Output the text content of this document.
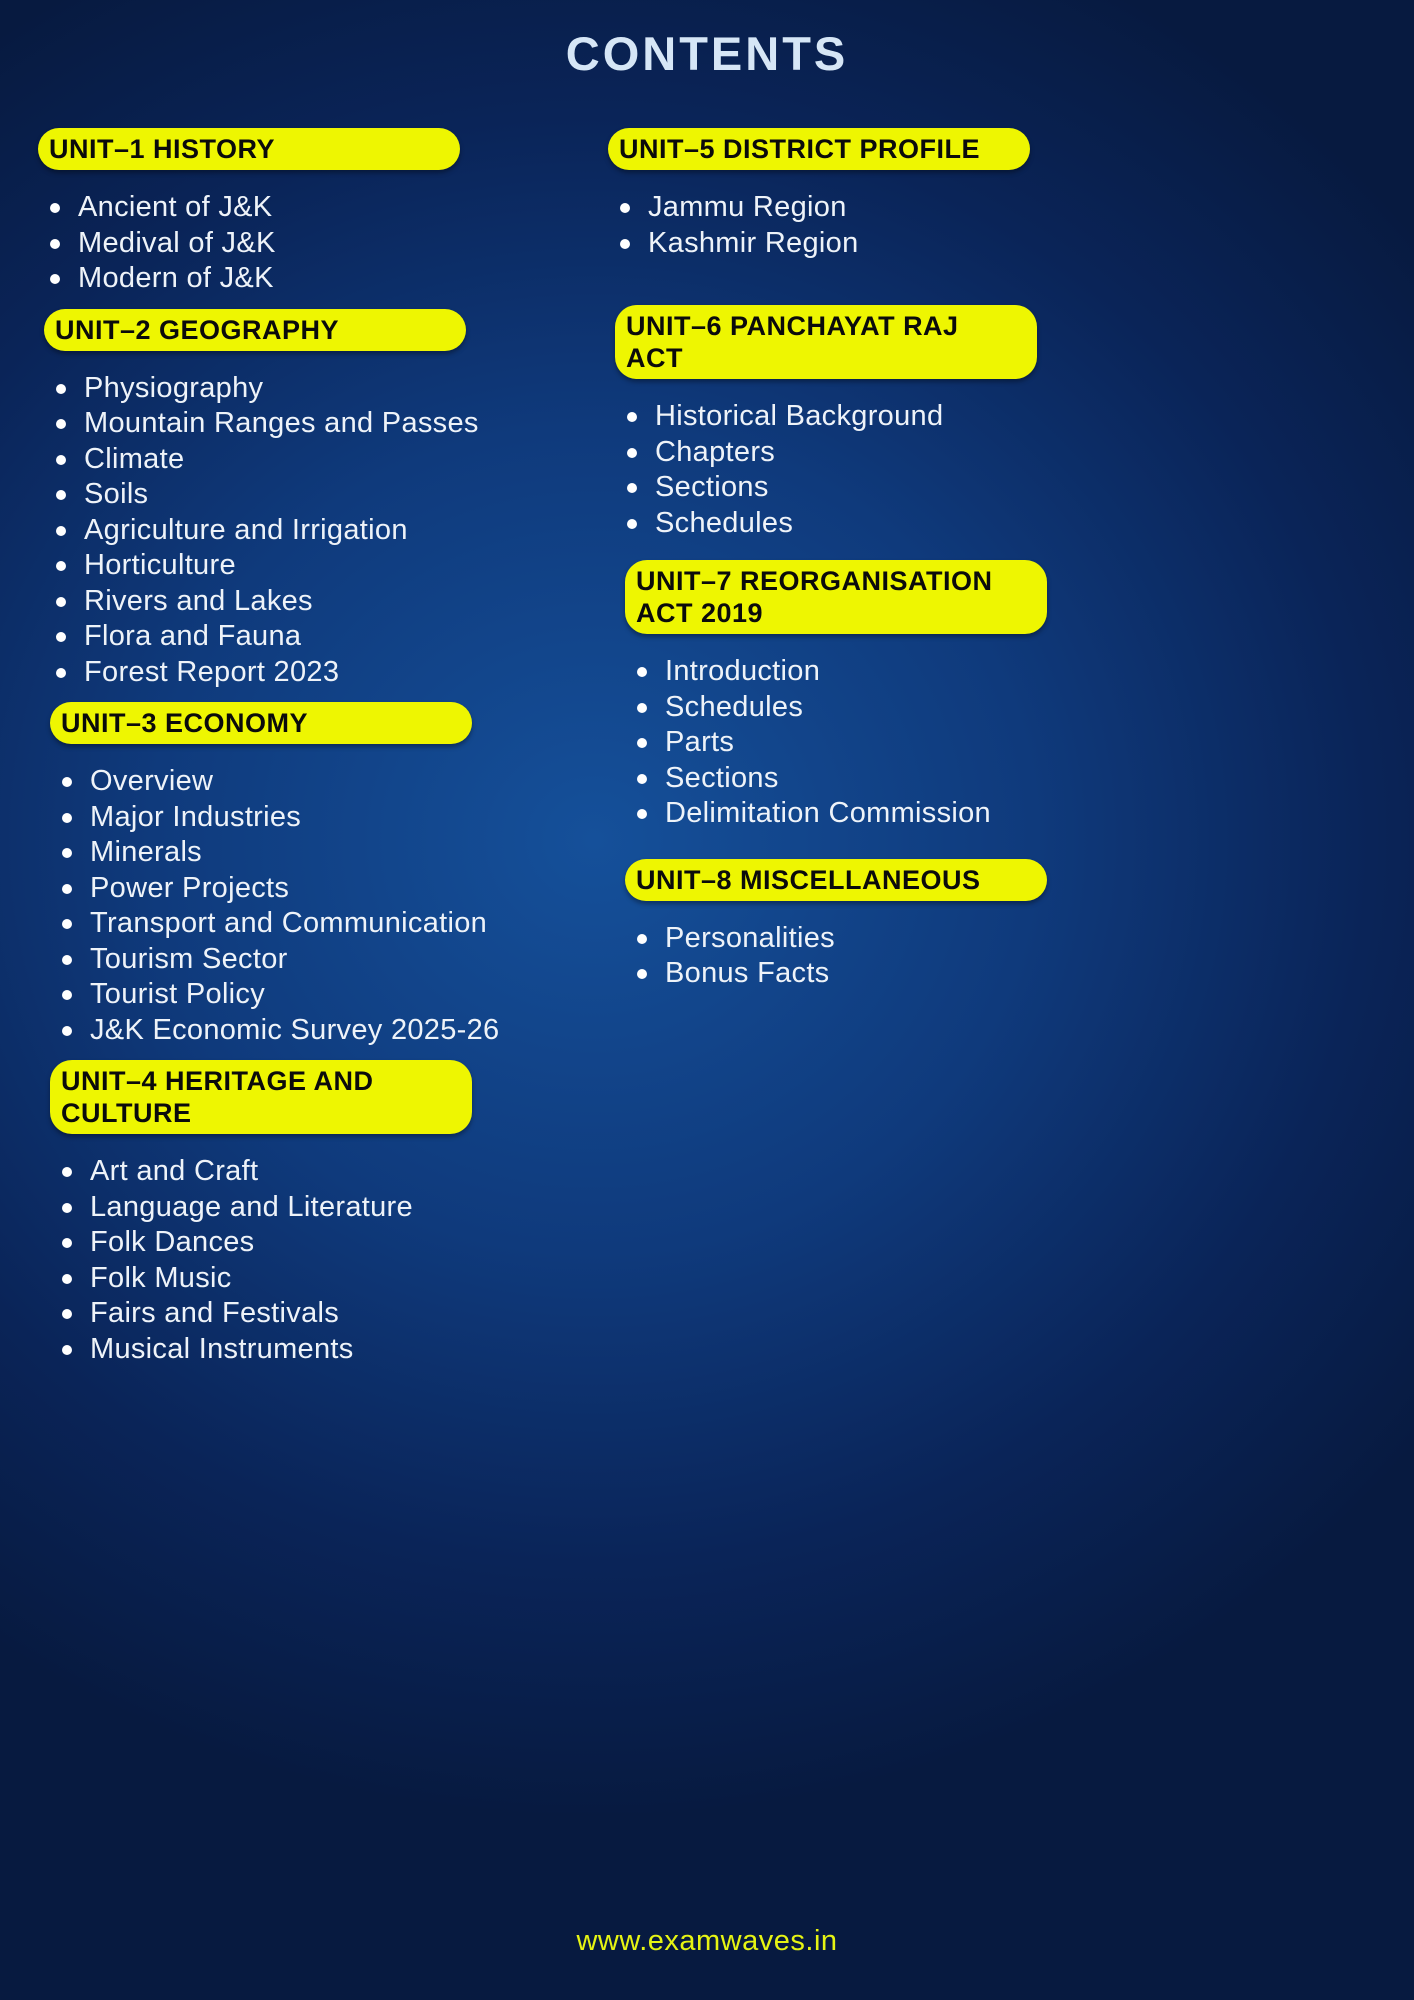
CONTENTS
UNIT–1 HISTORY
Ancient of J&K
Medival of J&K
Modern of J&K
UNIT–2 GEOGRAPHY
Physiography
Mountain Ranges and Passes
Climate
Soils
Agriculture and Irrigation
Horticulture
Rivers and Lakes
Flora and Fauna
Forest Report 2023
UNIT–3 ECONOMY
Overview
Major Industries
Minerals
Power Projects
Transport and Communication
Tourism Sector
Tourist Policy
J&K Economic Survey 2025-26
UNIT–4 HERITAGE AND CULTURE
Art and Craft
Language and Literature
Folk Dances
Folk Music
Fairs and Festivals
Musical Instruments
UNIT–5 DISTRICT PROFILE
Jammu Region
Kashmir Region
UNIT–6 PANCHAYAT RAJ ACT
Historical Background
Chapters
Sections
Schedules
UNIT–7 REORGANISATION ACT 2019
Introduction
Schedules
Parts
Sections
Delimitation Commission
UNIT–8 MISCELLANEOUS
Personalities
Bonus Facts
www.examwaves.in
